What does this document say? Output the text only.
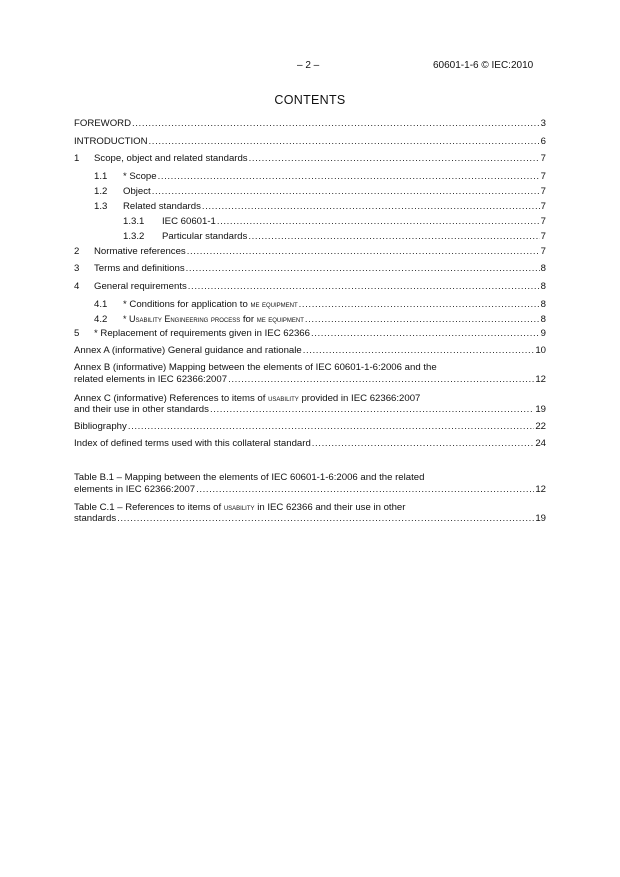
– 2 –	60601-1-6 © IEC:2010
CONTENTS
FOREWORD .....	3
INTRODUCTION .....	6
1	Scope, object and related standards .....	7
1.1	* Scope .....	7
1.2	Object .....	7
1.3	Related standards .....	7
1.3.1	IEC 60601-1 .....	7
1.3.2	Particular standards .....	7
2	Normative references .....	7
3	Terms and definitions .....	8
4	General requirements .....	8
4.1	* Conditions for application to me equipment .....	8
4.2	* Usability Engineering process for me equipment .....	8
5	* Replacement of requirements given in IEC 62366 .....	9
Annex A (informative) General guidance and rationale .....	10
Annex B (informative) Mapping between the elements of IEC 60601-1-6:2006 and the
related elements in IEC 62366:2007 .....	12
Annex C (informative) References to items of usability provided in IEC 62366:2007
and their use in other standards .....	19
Bibliography .....	22
Index of defined terms used with this collateral standard .....	24
Table B.1 – Mapping between the elements of IEC 60601-1-6:2006 and the related
elements in IEC 62366:2007 .....	12
Table C.1 – References to items of usability in IEC 62366 and their use in other
standards .....	19
